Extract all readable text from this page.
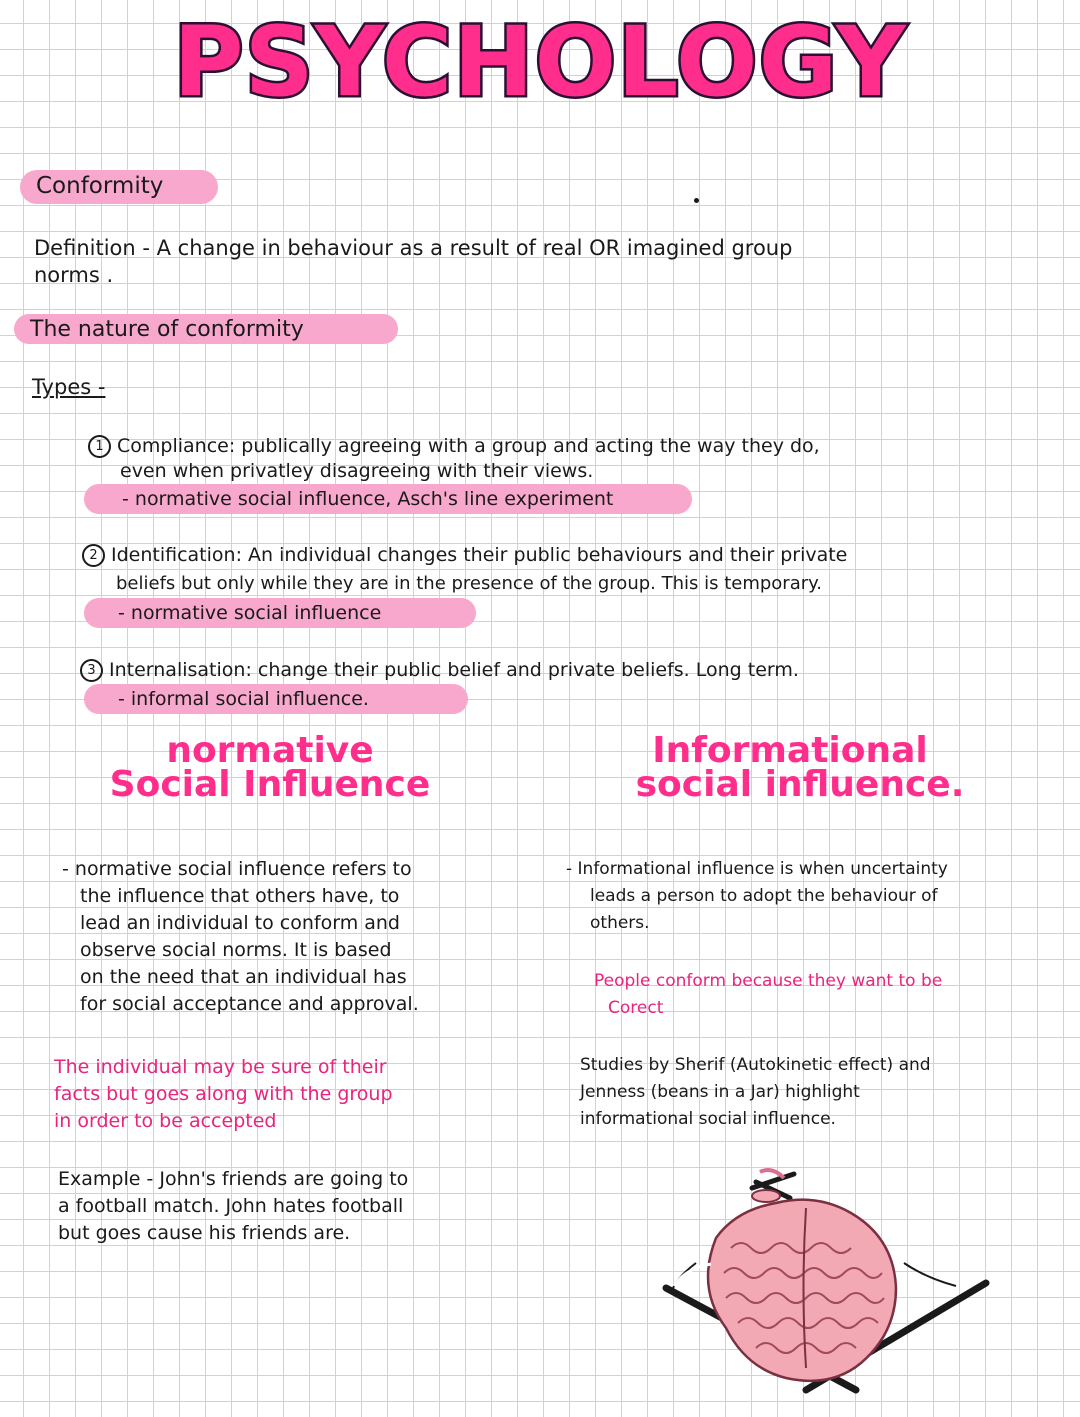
PSYCHOLOGY
Conformity
Definition - A change in behaviour as a result of real OR imagined group
norms .
The nature of conformity
Types -
1 Compliance: publically agreeing with a group and acting the way they do,
even when privatley disagreeing with their views.
- normative social influence, Asch's line experiment
2 Identification: An individual changes their public behaviours and their private
beliefs but only while they are in the presence of the group. This is temporary.
- normative social influence
3 Internalisation: change their public belief and private beliefs. Long term.
- informal social influence.
normative
Social Influence
Informational
social influence.
- normative social influence refers to
the influence that others have, to
lead an individual to conform and
observe social norms. It is based
on the need that an individual has
for social acceptance and approval.
The individual may be sure of their
facts but goes along with the group
in order to be accepted
Example - John's friends are going to
a football match. John hates football
but goes cause his friends are.
- Informational influence is when uncertainty
leads a person to adopt the behaviour of
others.
People conform because they want to be
Corect
Studies by Sherif (Autokinetic effect) and
Jenness (beans in a Jar) highlight
informational social influence.
